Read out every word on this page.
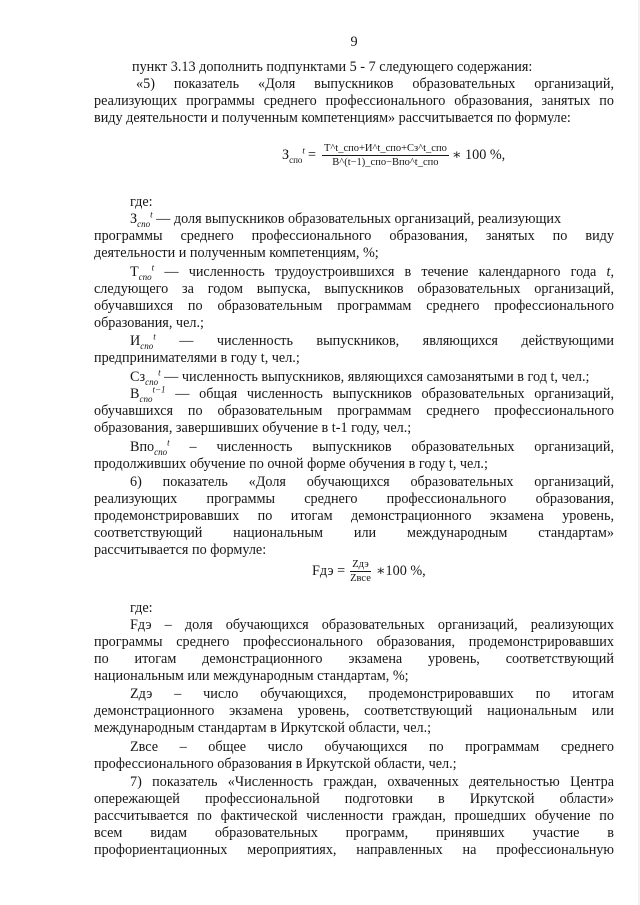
9
пункт 3.13 дополнить подпунктами 5 - 7 следующего содержания:
«5) показатель «Доля выпускников образовательных организаций,
реализующих программы среднего профессионального образования, занятых по
виду деятельности и полученным компетенциям» рассчитывается по формуле:
$З_{спо}^t = \frac{\text{T\textasciicircum{}t\_спо+И\textasciicircum{}t\_спо+Сз\textasciicircum{}t\_спо}}{\text{В\textasciicircum{}(t−1)\_спо−Впо\textasciicircum{}t\_спо}}$ ∗ 100 %,
где:
$З_{спо}^t$ — доля выпускников образовательных организаций, реализующих
программы среднего профессионального образования, занятых по виду
деятельности и полученным компетенциям, %;
$Т_{спо}^t$ — численность трудоустроившихся в течение календарного года t,
следующего за годом выпуска, выпускников образовательных организаций,
обучавшихся по образовательным программам среднего профессионального
образования, чел.;
$И_{спо}^t$ — численность выпускников, являющихся действующими
предпринимателями в году t, чел.;
$Сз_{спо}^t$ — численность выпускников, являющихся самозанятыми в год t, чел.;
$В_{спо}^{t-1}$ — общая численность выпускников образовательных организаций,
обучавшихся по образовательным программам среднего профессионального
образования, завершивших обучение в t-1 году, чел.;
Впо$_{спо}^t$ – численность выпускников образовательных организаций,
продолживших обучение по очной форме обучения в году t, чел.;
6) показатель «Доля обучающихся образовательных организаций,
реализующих программы среднего профессионального образования,
продемонстрировавших по итогам демонстрационного экзамена уровень,
соответствующий национальным или международным стандартам»
рассчитывается по формуле:
Fдэ = $\frac{\text{Zдэ}}{\text{Zвсе}}$ ∗100 %,
где:
Fдэ – доля обучающихся образовательных организаций, реализующих
программы среднего профессионального образования, продемонстрировавших
по итогам демонстрационного экзамена уровень, соответствующий
национальным или международным стандартам, %;
Zдэ – число обучающихся, продемонстрировавших по итогам
демонстрационного экзамена уровень, соответствующий национальным или
международным стандартам в Иркутской области, чел.;
Zвсе – общее число обучающихся по программам среднего
профессионального образования в Иркутской области, чел.;
7) показатель «Численность граждан, охваченных деятельностью Центра
опережающей профессиональной подготовки в Иркутской области»
рассчитывается по фактической численности граждан, прошедших обучение по
всем видам образовательных программ, принявших участие в
профориентационных мероприятиях, направленных на профессиональную
